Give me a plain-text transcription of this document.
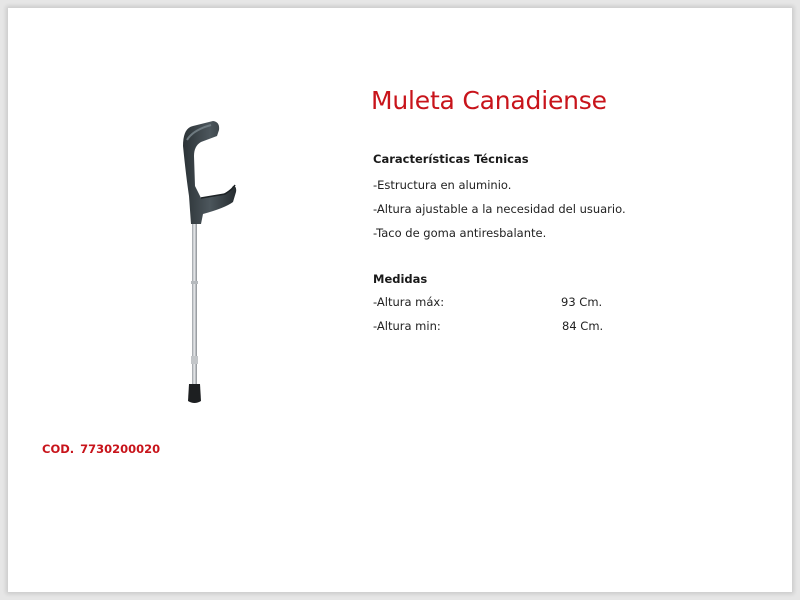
Muleta Canadiense
Características Técnicas
-Estructura en aluminio.
-Altura ajustable a la necesidad del usuario.
-Taco de goma antiresbalante.
Medidas
-Altura máx:	93 Cm.
-Altura min:	84 Cm.
COD. 7730200020
